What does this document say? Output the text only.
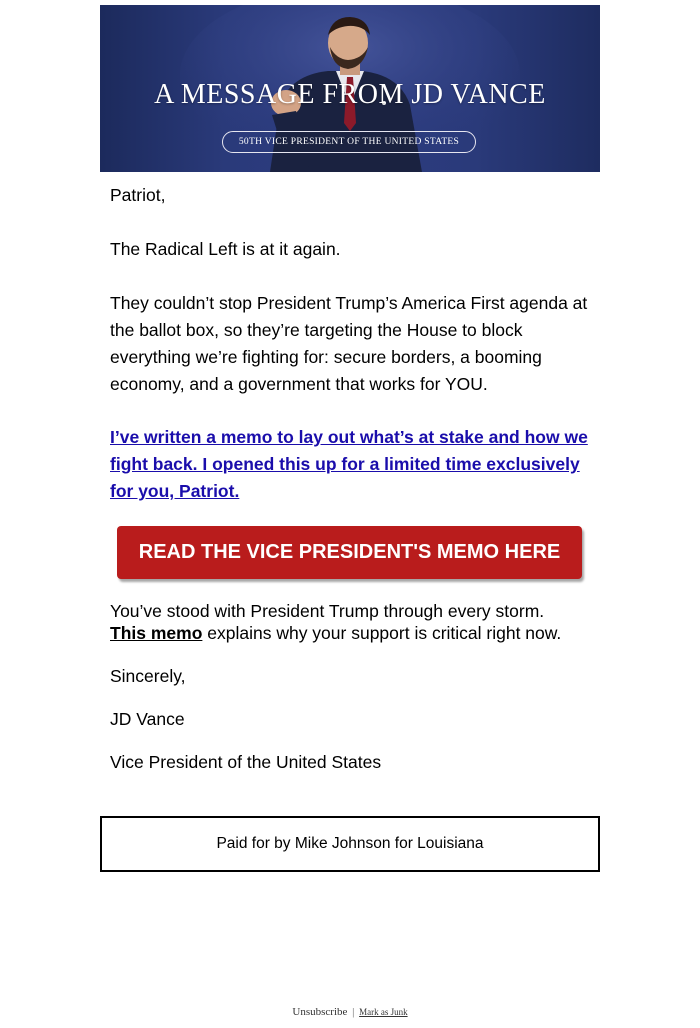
A MESSAGE FROM JD VANCE
50TH VICE PRESIDENT OF THE UNITED STATES
Patriot,
The Radical Left is at it again.
They couldn’t stop President Trump’s America First agenda at the ballot box, so they’re targeting the House to block everything we’re fighting for: secure borders, a booming economy, and a government that works for YOU.
I’ve written a memo to lay out what’s at stake and how we fight back. I opened this up for a limited time exclusively for you, Patriot.
READ THE VICE PRESIDENT'S MEMO HERE
You’ve stood with President Trump through every storm.
This memo explains why your support is critical right now.
Sincerely,
JD Vance
Vice President of the United States
Paid for by Mike Johnson for Louisiana
Unsubscribe | Mark as Junk
